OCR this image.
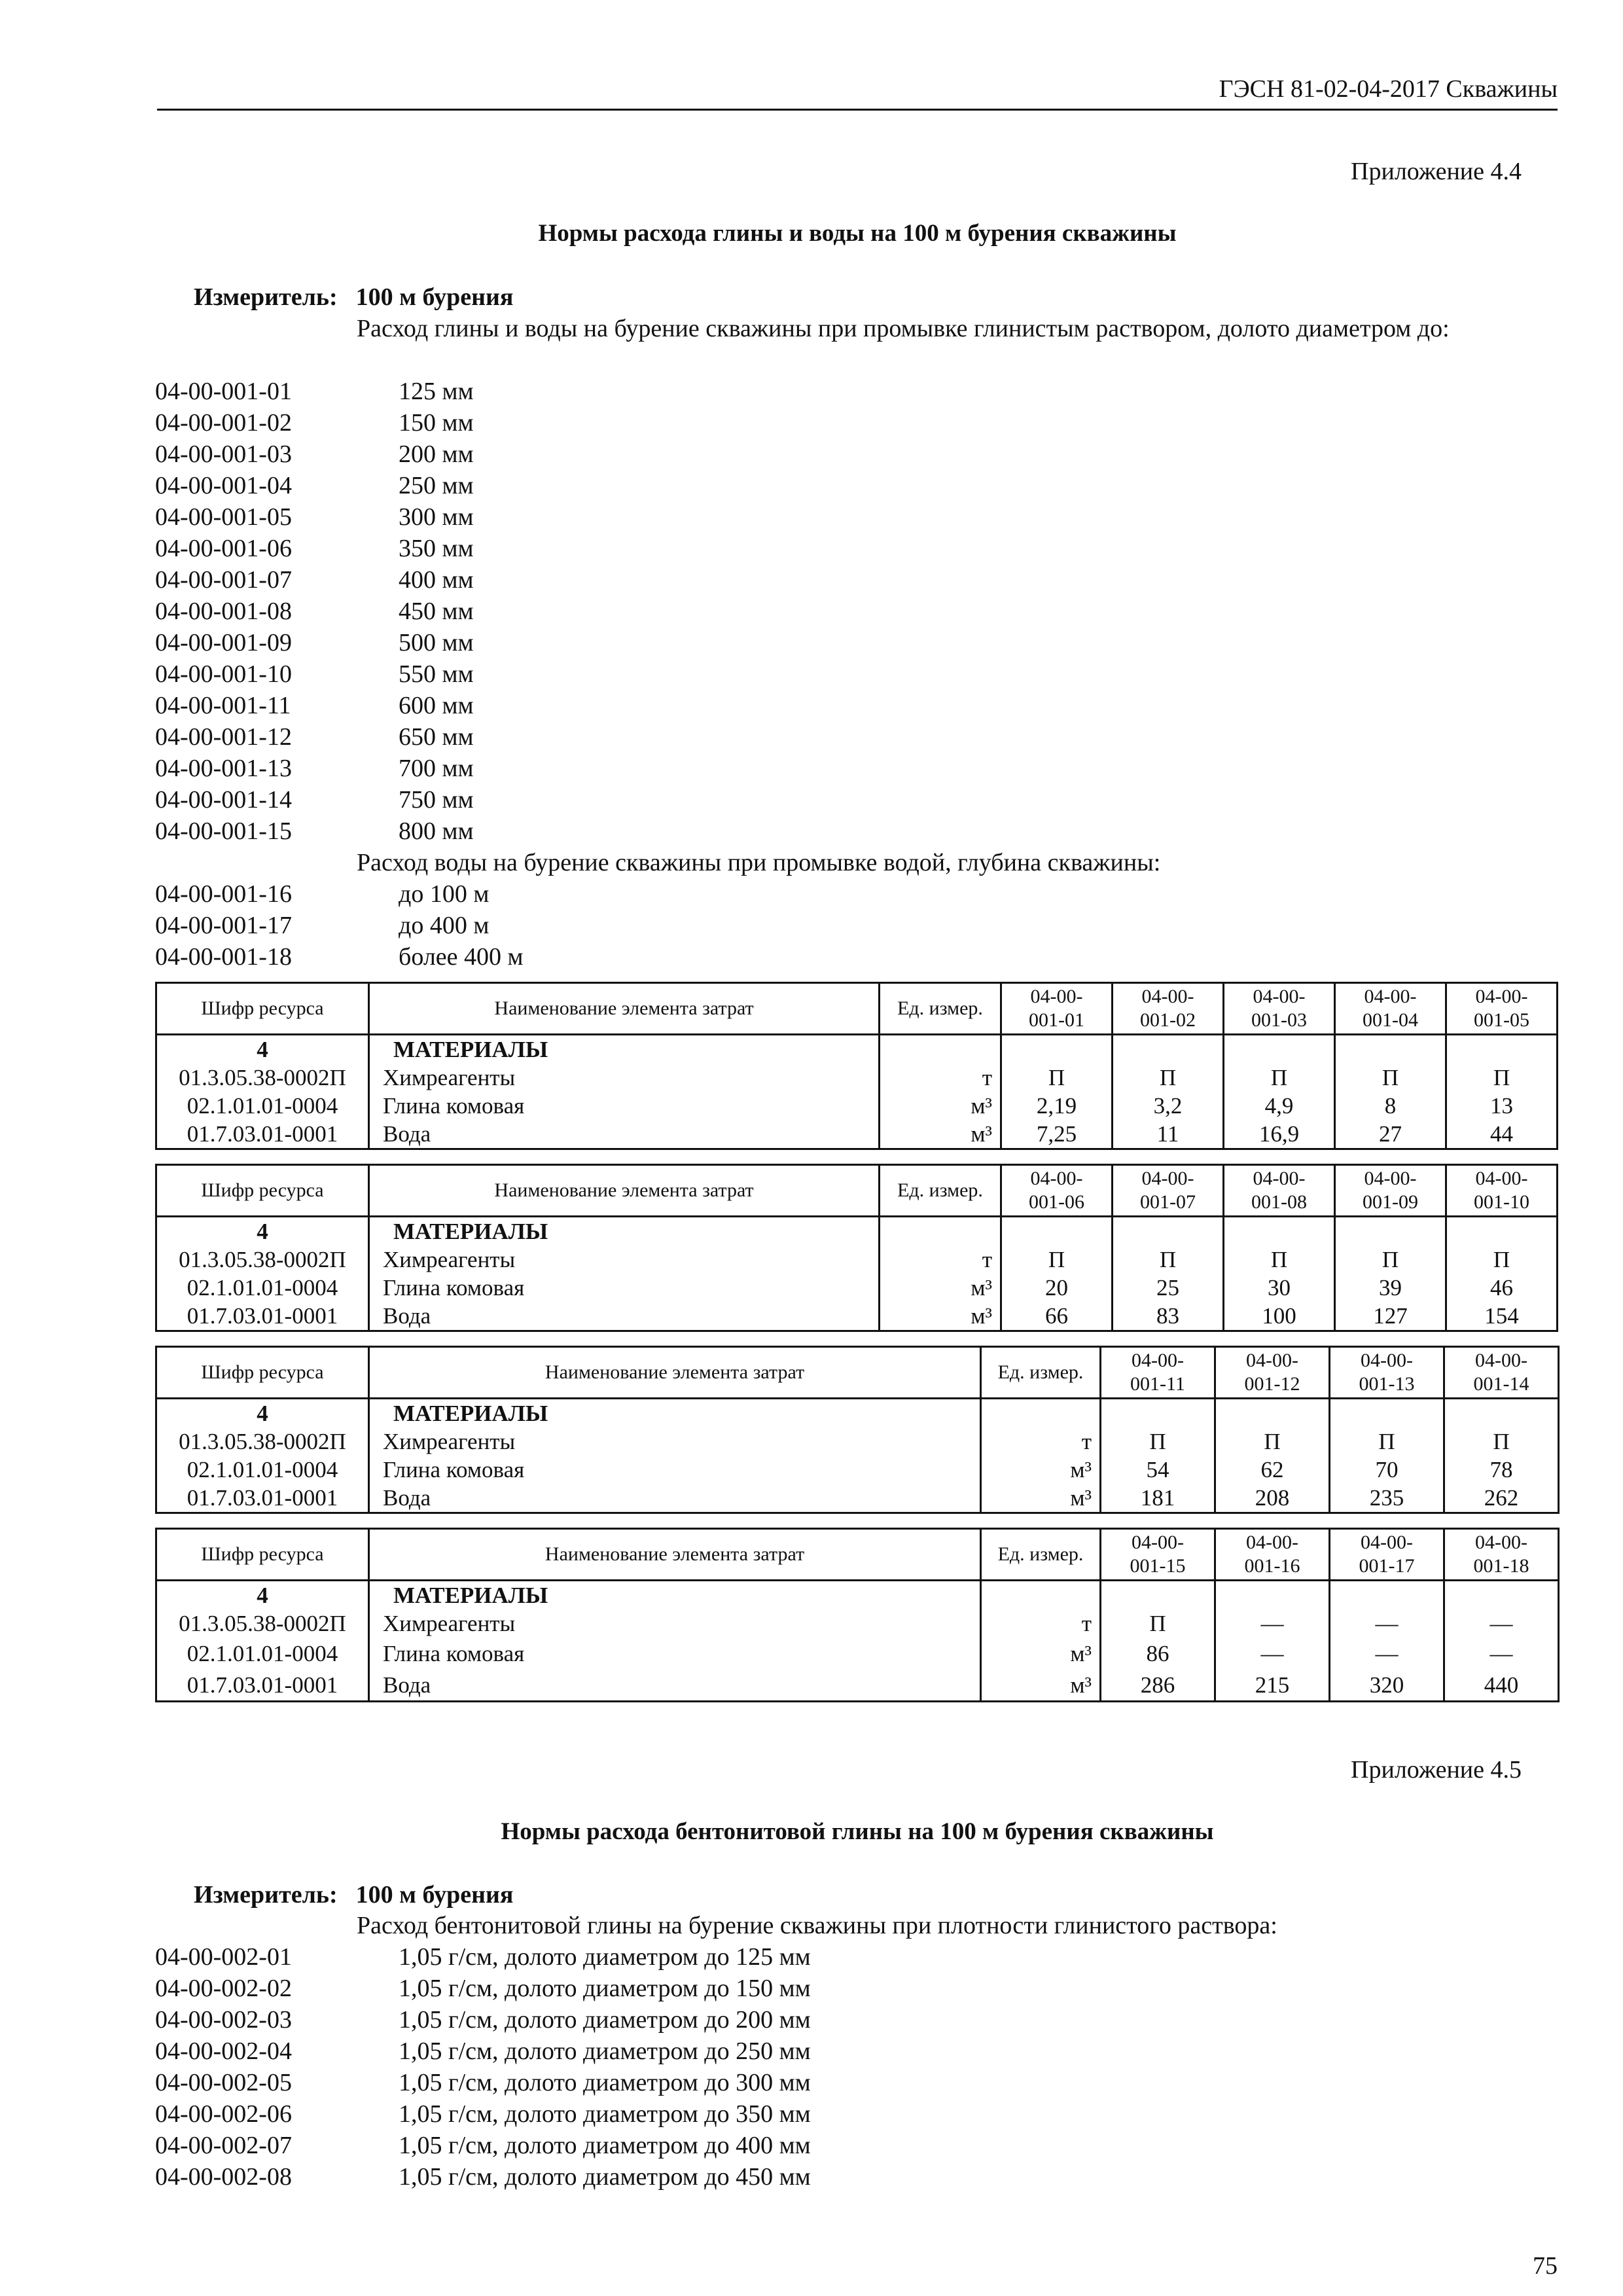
ГЭСН 81-02-04-2017 Скважины
Приложение 4.4
Нормы расхода глины и воды на 100 м бурения скважины
Измеритель: 100 м бурения
Расход глины и воды на бурение скважины при промывке глинистым раствором, долото диаметром до:
04-00-001-01	125 мм
04-00-001-02	150 мм
04-00-001-03	200 мм
04-00-001-04	250 мм
04-00-001-05	300 мм
04-00-001-06	350 мм
04-00-001-07	400 мм
04-00-001-08	450 мм
04-00-001-09	500 мм
04-00-001-10	550 мм
04-00-001-11	600 мм
04-00-001-12	650 мм
04-00-001-13	700 мм
04-00-001-14	750 мм
04-00-001-15	800 мм
Расход воды на бурение скважины при промывке водой, глубина скважины:
04-00-001-16	до 100 м
04-00-001-17	до 400 м
04-00-001-18	более 400 м
Шифр ресурса	Наименование элемента затрат	Ед. измер.	04-00-
001-01	04-00-
001-02	04-00-
001-03	04-00-
001-04	04-00-
001-05
4	МАТЕРИАЛЫ						
01.3.05.38-0002П	Химреагенты	т	П	П	П	П	П
02.1.01.01-0004	Глина комовая	м³	2,19	3,2	4,9	8	13
01.7.03.01-0001	Вода	м³	7,25	11	16,9	27	44
Шифр ресурса	Наименование элемента затрат	Ед. измер.	04-00-
001-06	04-00-
001-07	04-00-
001-08	04-00-
001-09	04-00-
001-10
4	МАТЕРИАЛЫ						
01.3.05.38-0002П	Химреагенты	т	П	П	П	П	П
02.1.01.01-0004	Глина комовая	м³	20	25	30	39	46
01.7.03.01-0001	Вода	м³	66	83	100	127	154
Шифр ресурса	Наименование элемента затрат	Ед. измер.	04-00-
001-11	04-00-
001-12	04-00-
001-13	04-00-
001-14
4	МАТЕРИАЛЫ					
01.3.05.38-0002П	Химреагенты	т	П	П	П	П
02.1.01.01-0004	Глина комовая	м³	54	62	70	78
01.7.03.01-0001	Вода	м³	181	208	235	262
Шифр ресурса	Наименование элемента затрат	Ед. измер.	04-00-
001-15	04-00-
001-16	04-00-
001-17	04-00-
001-18
4	МАТЕРИАЛЫ					
01.3.05.38-0002П	Химреагенты	т	П	—	—	—
02.1.01.01-0004	Глина комовая	м³	86	—	—	—
01.7.03.01-0001	Вода	м³	286	215	320	440
Приложение 4.5
Нормы расхода бентонитовой глины на 100 м бурения скважины
Измеритель: 100 м бурения
Расход бентонитовой глины на бурение скважины при плотности глинистого раствора:
04-00-002-01	1,05 г/см, долото диаметром до 125 мм
04-00-002-02	1,05 г/см, долото диаметром до 150 мм
04-00-002-03	1,05 г/см, долото диаметром до 200 мм
04-00-002-04	1,05 г/см, долото диаметром до 250 мм
04-00-002-05	1,05 г/см, долото диаметром до 300 мм
04-00-002-06	1,05 г/см, долото диаметром до 350 мм
04-00-002-07	1,05 г/см, долото диаметром до 400 мм
04-00-002-08	1,05 г/см, долото диаметром до 450 мм
75
